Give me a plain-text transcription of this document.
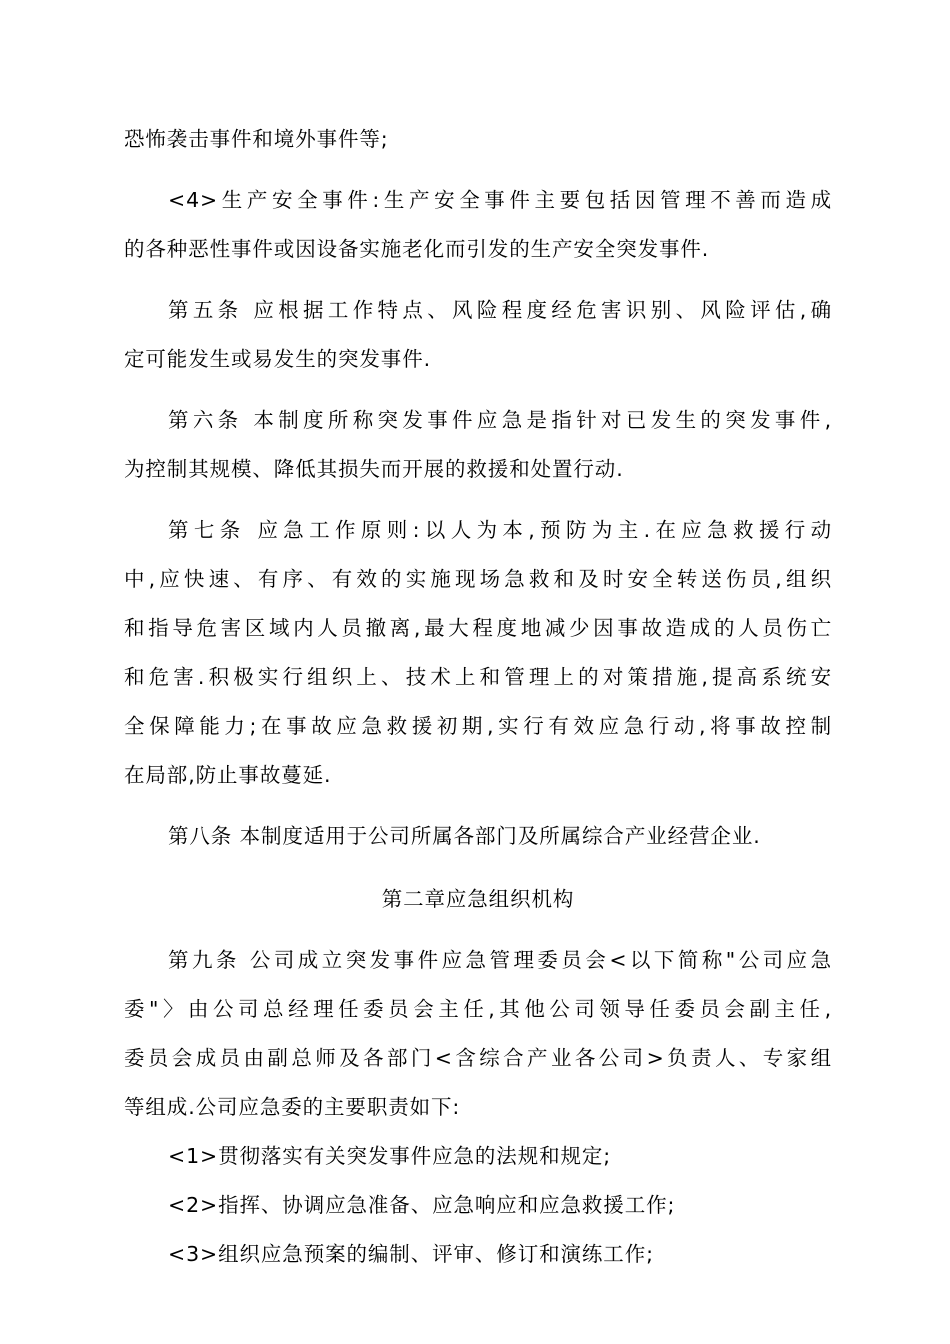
恐怖袭击事件和境外事件等;
<4>生产安全事件:生产安全事件主要包括因管理不善而造成
的各种恶性事件或因设备实施老化而引发的生产安全突发事件.
第五条 应根据工作特点、风险程度经危害识别、风险评估,确
定可能发生或易发生的突发事件.
第六条 本制度所称突发事件应急是指针对已发生的突发事件,
为控制其规模、降低其损失而开展的救援和处置行动.
第七条 应急工作原则:以人为本,预防为主.在应急救援行动
中,应快速、有序、有效的实施现场急救和及时安全转送伤员,组织
和指导危害区域内人员撤离,最大程度地减少因事故造成的人员伤亡
和危害.积极实行组织上、技术上和管理上的对策措施,提高系统安
全保障能力;在事故应急救援初期,实行有效应急行动,将事故控制
在局部,防止事故蔓延.
第八条 本制度适用于公司所属各部门及所属综合产业经营企业.
第二章应急组织机构
第九条 公司成立突发事件应急管理委员会<以下简称"公司应急
委"〉由公司总经理任委员会主任,其他公司领导任委员会副主任,
委员会成员由副总师及各部门<含综合产业各公司>负责人、专家组
等组成.公司应急委的主要职责如下:
<1>贯彻落实有关突发事件应急的法规和规定;
<2>指挥、协调应急准备、应急响应和应急救援工作;
<3>组织应急预案的编制、评审、修订和演练工作;
